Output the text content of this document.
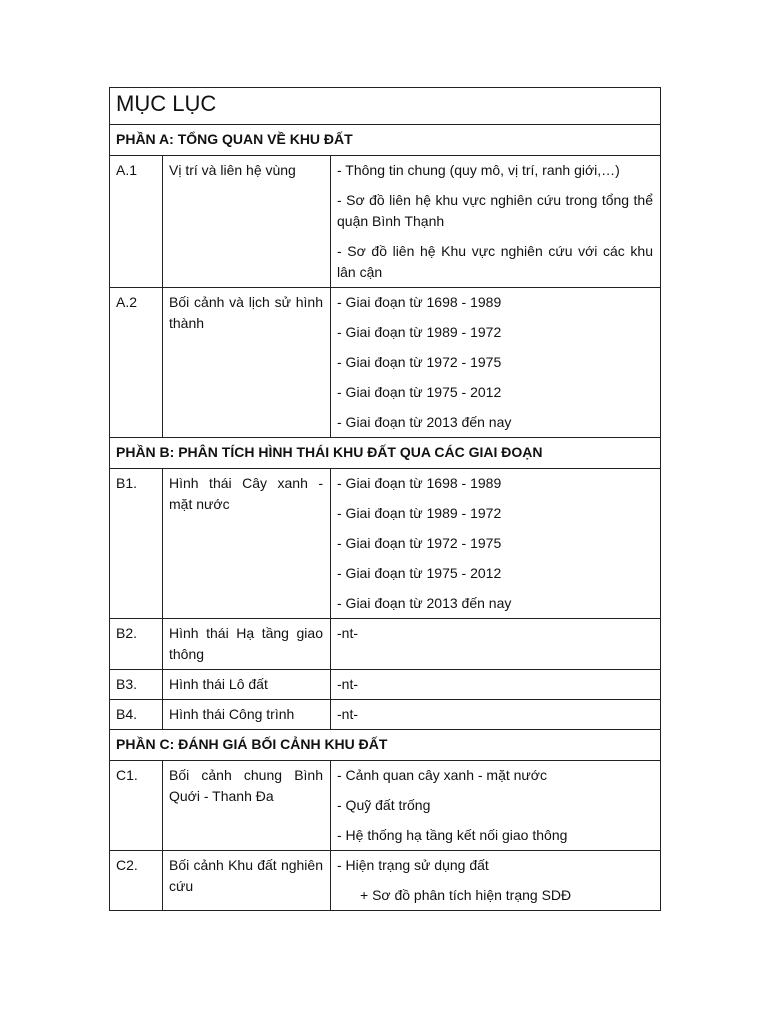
MỤC LỤC		
PHẦN A: TỔNG QUAN VỀ KHU ĐẤT		
A.1	Vị trí và liên hệ vùng	- Thông tin chung (quy mô, vị trí, ranh giới,…)
- Sơ đồ liên hệ khu vực nghiên cứu trong tổng thể quận Bình Thạnh
- Sơ đồ liên hệ Khu vực nghiên cứu với các khu lân cận

A.2	Bối cảnh và lịch sử hình thành	- Giai đoạn từ 1698 - 1989
- Giai đoạn từ 1989 - 1972
- Giai đoạn từ 1972 - 1975
- Giai đoạn từ 1975 - 2012
- Giai đoạn từ 2013 đến nay

PHẦN B: PHÂN TÍCH HÌNH THÁI KHU ĐẤT QUA CÁC GIAI ĐOẠN		
B1.	Hình thái Cây xanh - mặt nước	- Giai đoạn từ 1698 - 1989
- Giai đoạn từ 1989 - 1972
- Giai đoạn từ 1972 - 1975
- Giai đoạn từ 1975 - 2012
- Giai đoạn từ 2013 đến nay

B2.	Hình thái Hạ tầng giao thông	-nt-

B3.	Hình thái Lô đất	-nt-

B4.	Hình thái Công trình	-nt-

PHẦN C: ĐÁNH GIÁ BỐI CẢNH KHU ĐẤT		
C1.	Bối cảnh chung Bình Quới - Thanh Đa	- Cảnh quan cây xanh - mặt nước
- Quỹ đất trống
- Hệ thống hạ tầng kết nối giao thông

C2.	Bối cảnh Khu đất nghiên cứu	- Hiện trạng sử dụng đất
+ Sơ đồ phân tích hiện trạng SDĐ
